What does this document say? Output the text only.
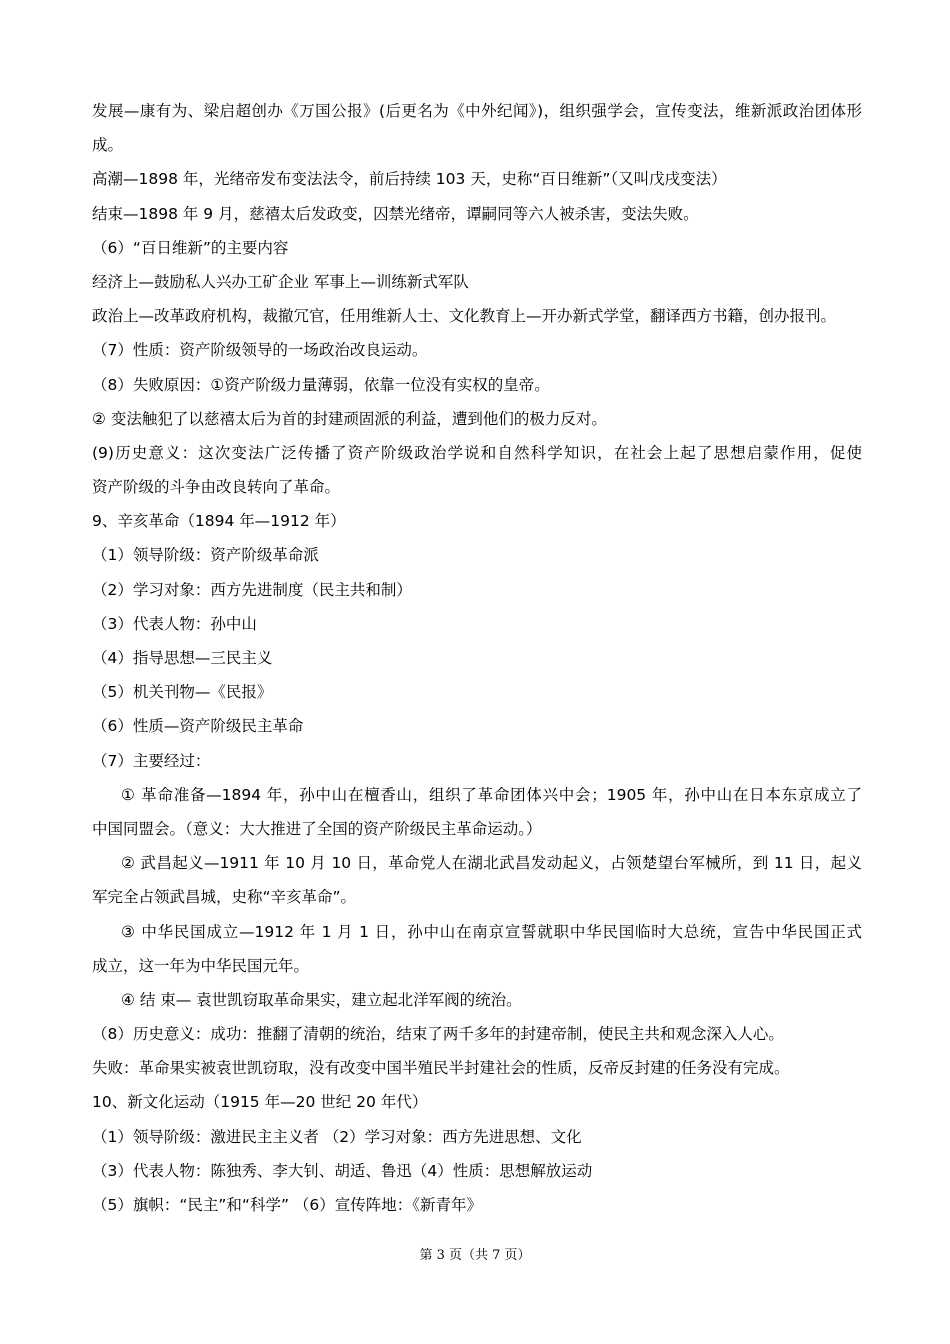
发展—康有为、梁启超创办《万国公报》(后更名为《中外纪闻》)，组织强学会，宣传变法，维新派政治团体形
成。
高潮—1898 年，光绪帝发布变法法令，前后持续 103 天，史称“百日维新”（又叫戊戌变法）
结束—1898 年 9 月，慈禧太后发政变，囚禁光绪帝，谭嗣同等六人被杀害，变法失败。
（6）“百日维新”的主要内容
经济上—鼓励私人兴办工矿企业 军事上—训练新式军队
政治上—改革政府机构，裁撤冗官，任用维新人士、文化教育上—开办新式学堂，翻译西方书籍，创办报刊。
（7）性质：资产阶级领导的一场政治改良运动。
（8）失败原因：①资产阶级力量薄弱，依靠一位没有实权的皇帝。
② 变法触犯了以慈禧太后为首的封建顽固派的利益，遭到他们的极力反对。
(9)历史意义：这次变法广泛传播了资产阶级政治学说和自然科学知识，在社会上起了思想启蒙作用，促使
资产阶级的斗争由改良转向了革命。
9、辛亥革命（1894 年—1912 年）
（1）领导阶级：资产阶级革命派
（2）学习对象：西方先进制度（民主共和制）
（3）代表人物：孙中山
（4）指导思想—三民主义
（5）机关刊物—《民报》
（6）性质—资产阶级民主革命
（7）主要经过：
① 革命准备—1894 年，孙中山在檀香山，组织了革命团体兴中会；1905 年，孙中山在日本东京成立了
中国同盟会。（意义：大大推进了全国的资产阶级民主革命运动。）
② 武昌起义—1911 年 10 月 10 日，革命党人在湖北武昌发动起义，占领楚望台军械所，到 11 日，起义
军完全占领武昌城，史称“辛亥革命”。
③ 中华民国成立—1912 年 1 月 1 日，孙中山在南京宣誓就职中华民国临时大总统，宣告中华民国正式
成立，这一年为中华民国元年。
④ 结 束— 袁世凯窃取革命果实，建立起北洋军阀的统治。
（8）历史意义：成功：推翻了清朝的统治，结束了两千多年的封建帝制，使民主共和观念深入人心。
失败：革命果实被袁世凯窃取，没有改变中国半殖民半封建社会的性质，反帝反封建的任务没有完成。
10、新文化运动（1915 年—20 世纪 20 年代）
（1）领导阶级：激进民主主义者 （2）学习对象：西方先进思想、文化
（3）代表人物：陈独秀、李大钊、胡适、鲁迅（4）性质：思想解放运动
（5）旗帜：“民主”和“科学” （6）宣传阵地：《新青年》
第 3 页（共 7 页）
